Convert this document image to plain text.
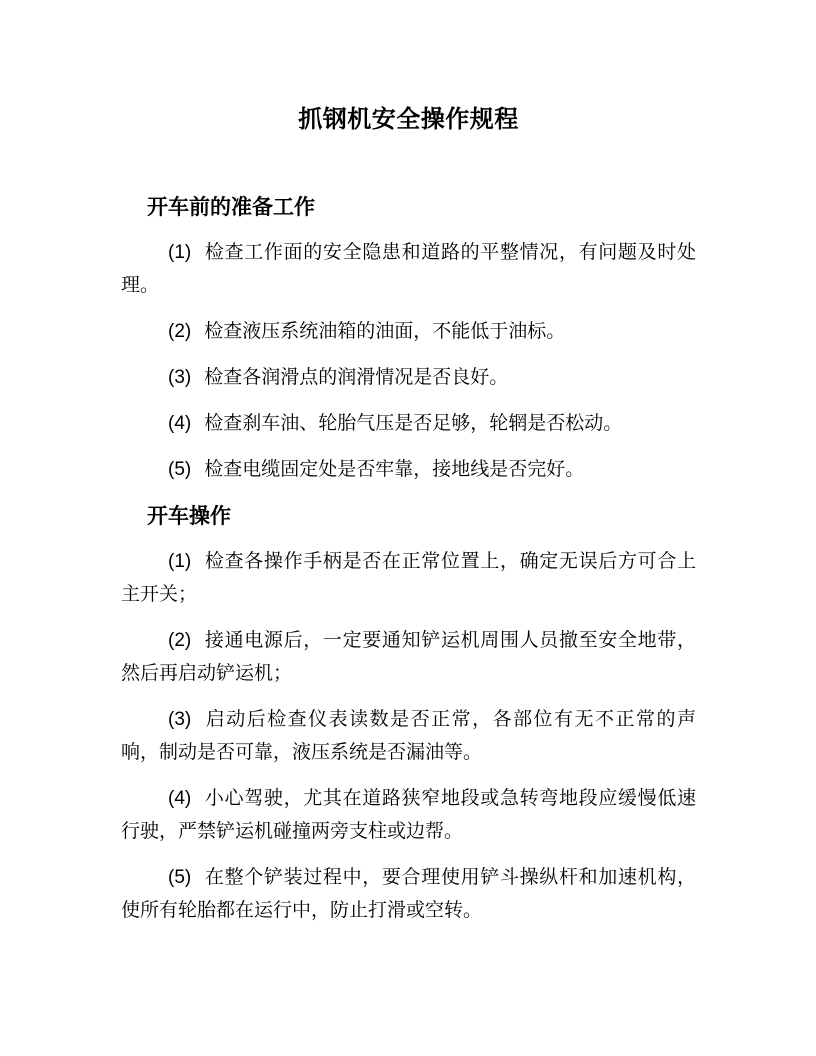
抓钢机安全操作规程
开车前的准备工作

(1) 检查工作面的安全隐患和道路的平整情况，有问题及时处理。

(2) 检查液压系统油箱的油面，不能低于油标。

(3) 检查各润滑点的润滑情况是否良好。

(4) 检查刹车油、轮胎气压是否足够，轮辋是否松动。

(5) 检查电缆固定处是否牢靠，接地线是否完好。

开车操作

(1) 检查各操作手柄是否在正常位置上，确定无误后方可合上主开关；

(2) 接通电源后，一定要通知铲运机周围人员撤至安全地带，然后再启动铲运机；

(3) 启动后检查仪表读数是否正常，各部位有无不正常的声响，制动是否可靠，液压系统是否漏油等。

(4) 小心驾驶，尤其在道路狭窄地段或急转弯地段应缓慢低速行驶，严禁铲运机碰撞两旁支柱或边帮。

(5) 在整个铲装过程中，要合理使用铲斗操纵杆和加速机构，使所有轮胎都在运行中，防止打滑或空转。
